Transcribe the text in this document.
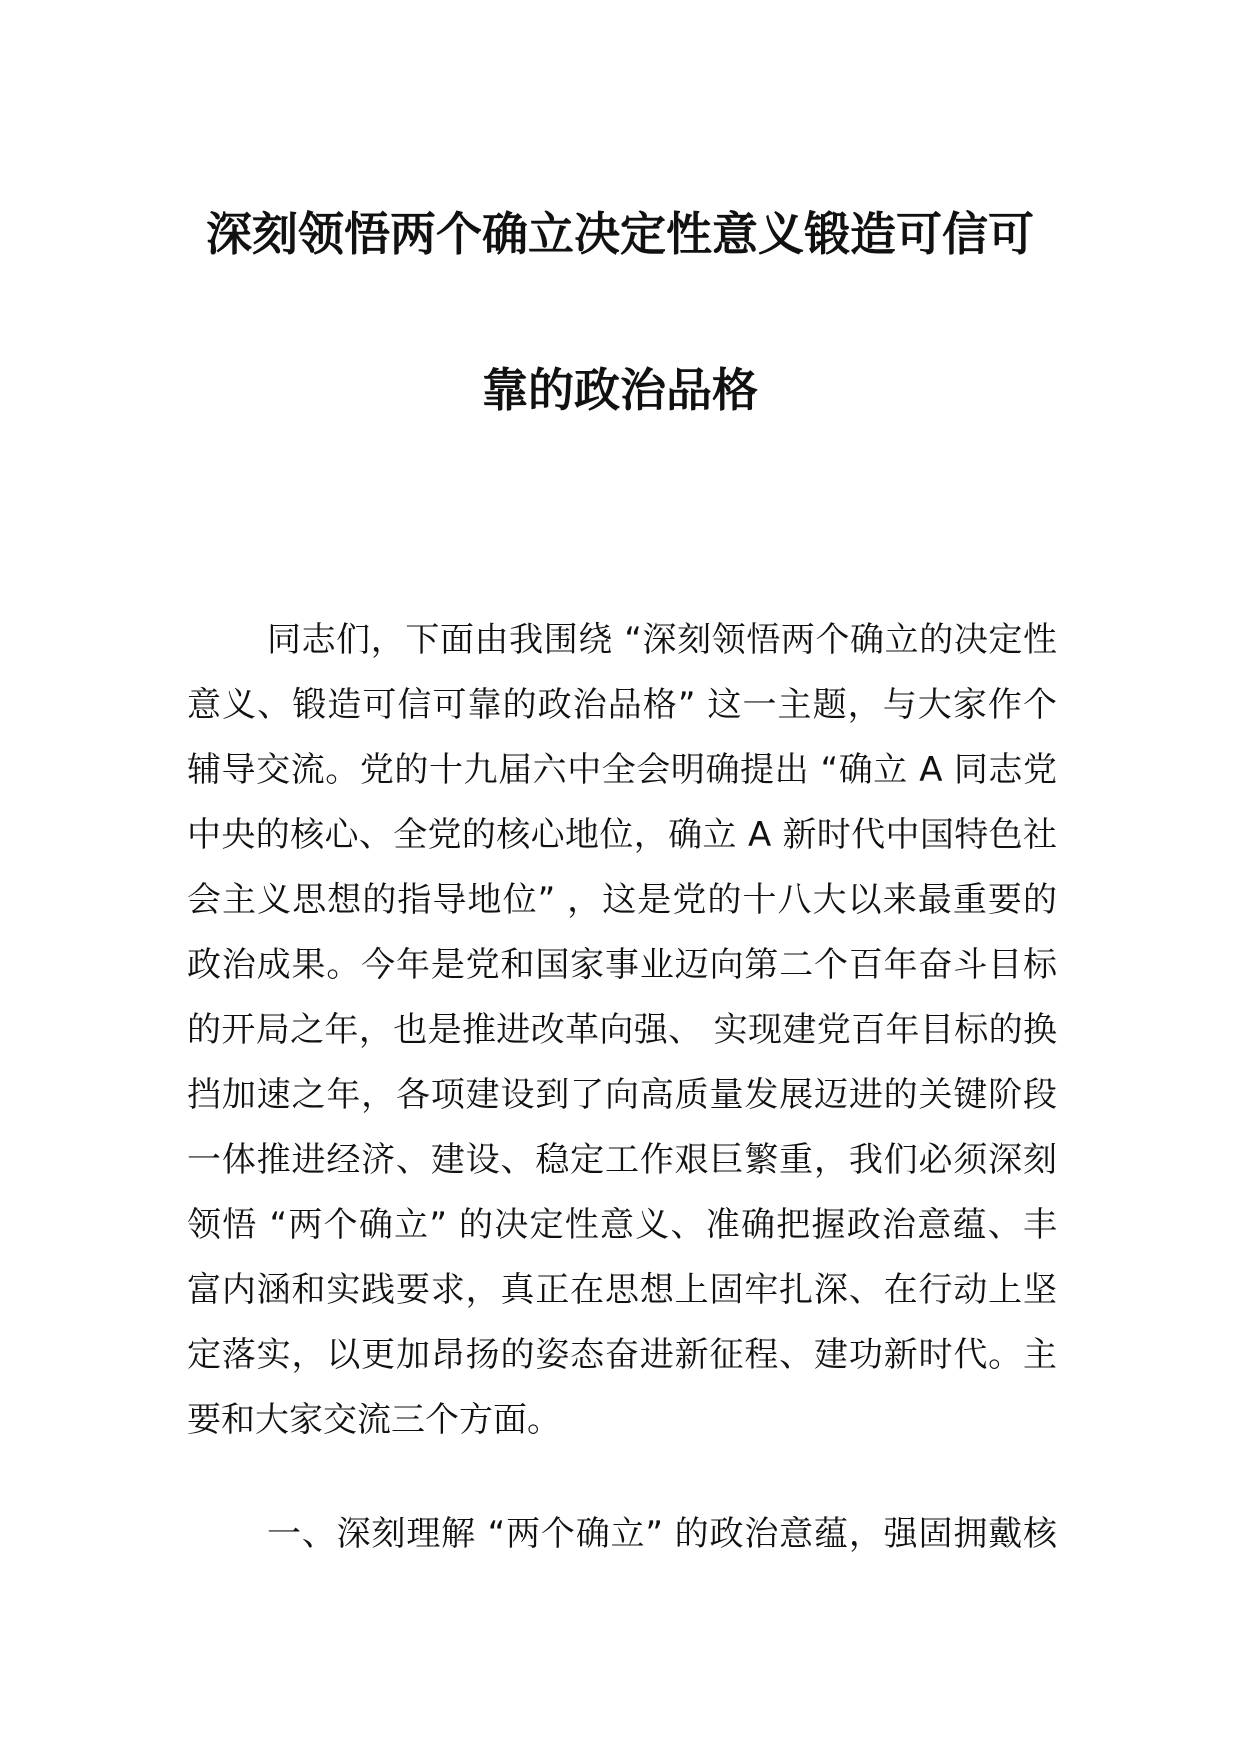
深刻领悟两个确立决定性意义锻造可信可
靠的政治品格
同志们，下面由我围绕 “深刻领悟两个确立的决定性
意义、锻造可信可靠的政治品格” 这一主题，与大家作个
辅导交流。党的十九届六中全会明确提出 “确立 A 同志党
中央的核心、全党的核心地位，确立 A 新时代中国特色社
会主义思想的指导地位” ，这是党的十八大以来最重要的
政治成果。今年是党和国家事业迈向第二个百年奋斗目标
的开局之年，也是推进改革向强、 实现建党百年目标的换
挡加速之年，各项建设到了向高质量发展迈进的关键阶段
一体推进经济、建设、稳定工作艰巨繁重，我们必须深刻
领悟 “两个确立” 的决定性意义、准确把握政治意蕴、丰
富内涵和实践要求，真正在思想上固牢扎深、在行动上坚
定落实，以更加昂扬的姿态奋进新征程、建功新时代。主
要和大家交流三个方面。
一、深刻理解 “两个确立” 的政治意蕴，强固拥戴核
